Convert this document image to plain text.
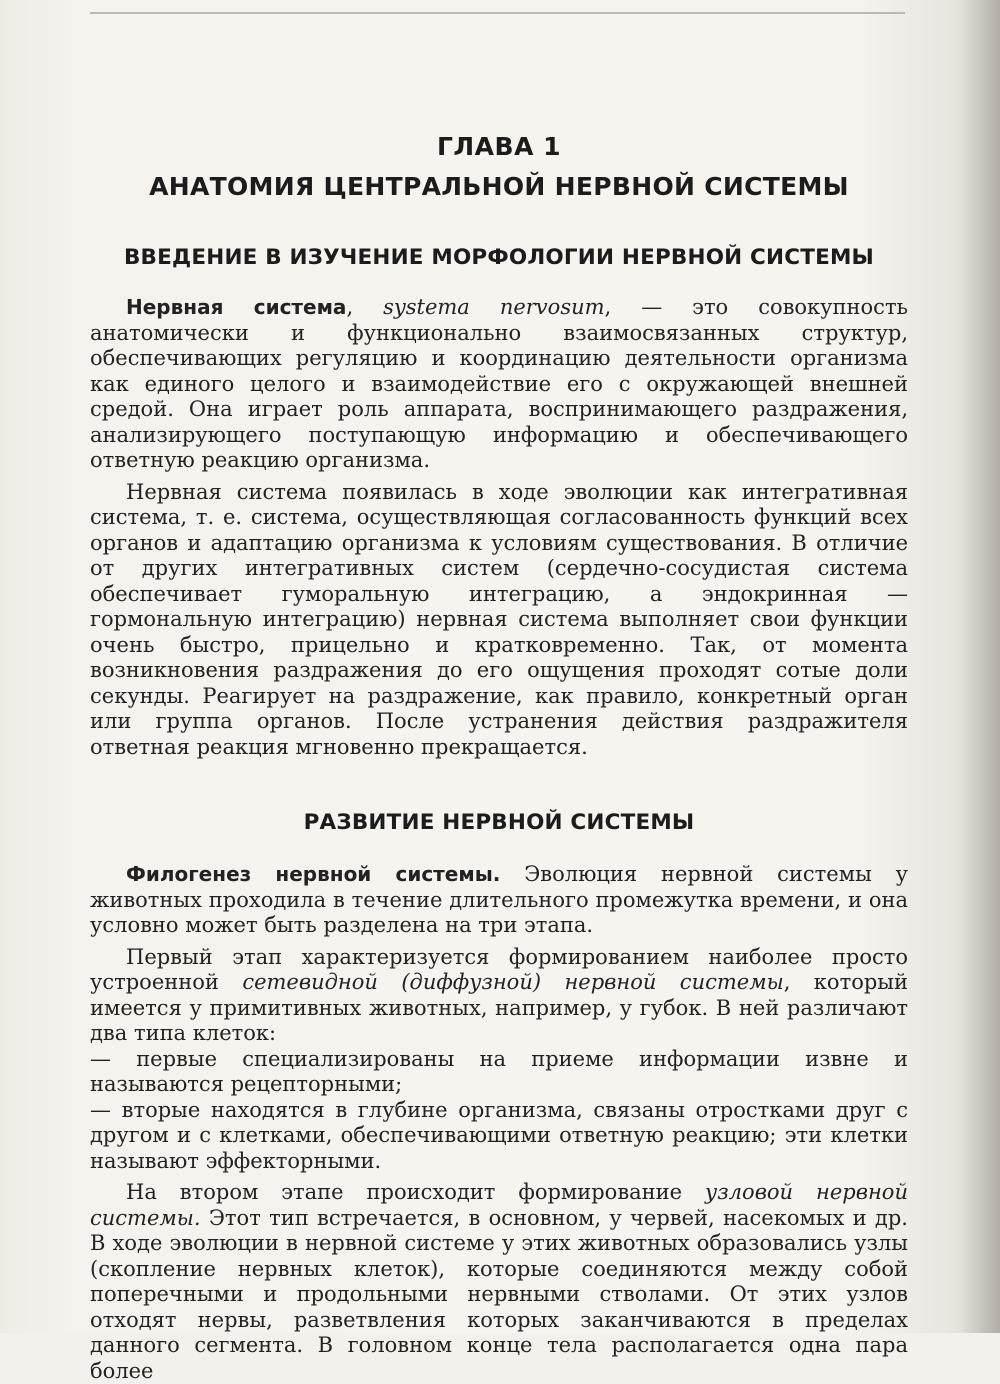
ГЛАВА 1
АНАТОМИЯ ЦЕНТРАЛЬНОЙ НЕРВНОЙ СИСТЕМЫ
ВВЕДЕНИЕ В ИЗУЧЕНИЕ МОРФОЛОГИИ НЕРВНОЙ СИСТЕМЫ

Нервная система, systema nervosum, — это совокупность анатомически и функционально взаимосвязанных структур, обеспечивающих регуляцию и координацию деятельности организма как единого целого и взаимодействие его с окружающей внешней средой. Она играет роль аппарата, воспринимающего раздражения, анализирующего поступающую информацию и обеспечивающего ответную реакцию организма.

Нервная система появилась в ходе эволюции как интегративная система, т. е. система, осуществляющая согласованность функций всех органов и адаптацию организма к условиям существования. В отличие от других интегративных систем (сердечно-сосудистая система обеспечивает гуморальную интеграцию, а эндокринная — гормональную интеграцию) нервная система выполняет свои функции очень быстро, прицельно и кратковременно. Так, от момента возникновения раздражения до его ощущения проходят сотые доли секунды. Реагирует на раздражение, как правило, конкретный орган или группа органов. После устранения действия раздражителя ответная реакция мгновенно прекращается.

РАЗВИТИЕ НЕРВНОЙ СИСТЕМЫ

Филогенез нервной системы. Эволюция нервной системы у животных проходила в течение длительного промежутка времени, и она условно может быть разделена на три этапа.

Первый этап характеризуется формированием наиболее просто устроенной сетевидной (диффузной) нервной системы, который имеется у примитивных животных, например, у губок. В ней различают два типа клеток:

— первые специализированы на приеме информации извне и называются рецепторными;

— вторые находятся в глубине организма, связаны отростками друг с другом и с клетками, обеспечивающими ответную реакцию; эти клетки называют эффекторными.

На втором этапе происходит формирование узловой нервной системы. Этот тип встречается, в основном, у червей, насекомых и др. В ходе эволюции в нервной системе у этих животных образовались узлы (скопление нервных клеток), которые соединяются между собой поперечными и продольными нервными стволами. От этих узлов отходят нервы, разветвления которых заканчиваются в пределах данного сегмента. В головном конце тела располагается одна пара более
